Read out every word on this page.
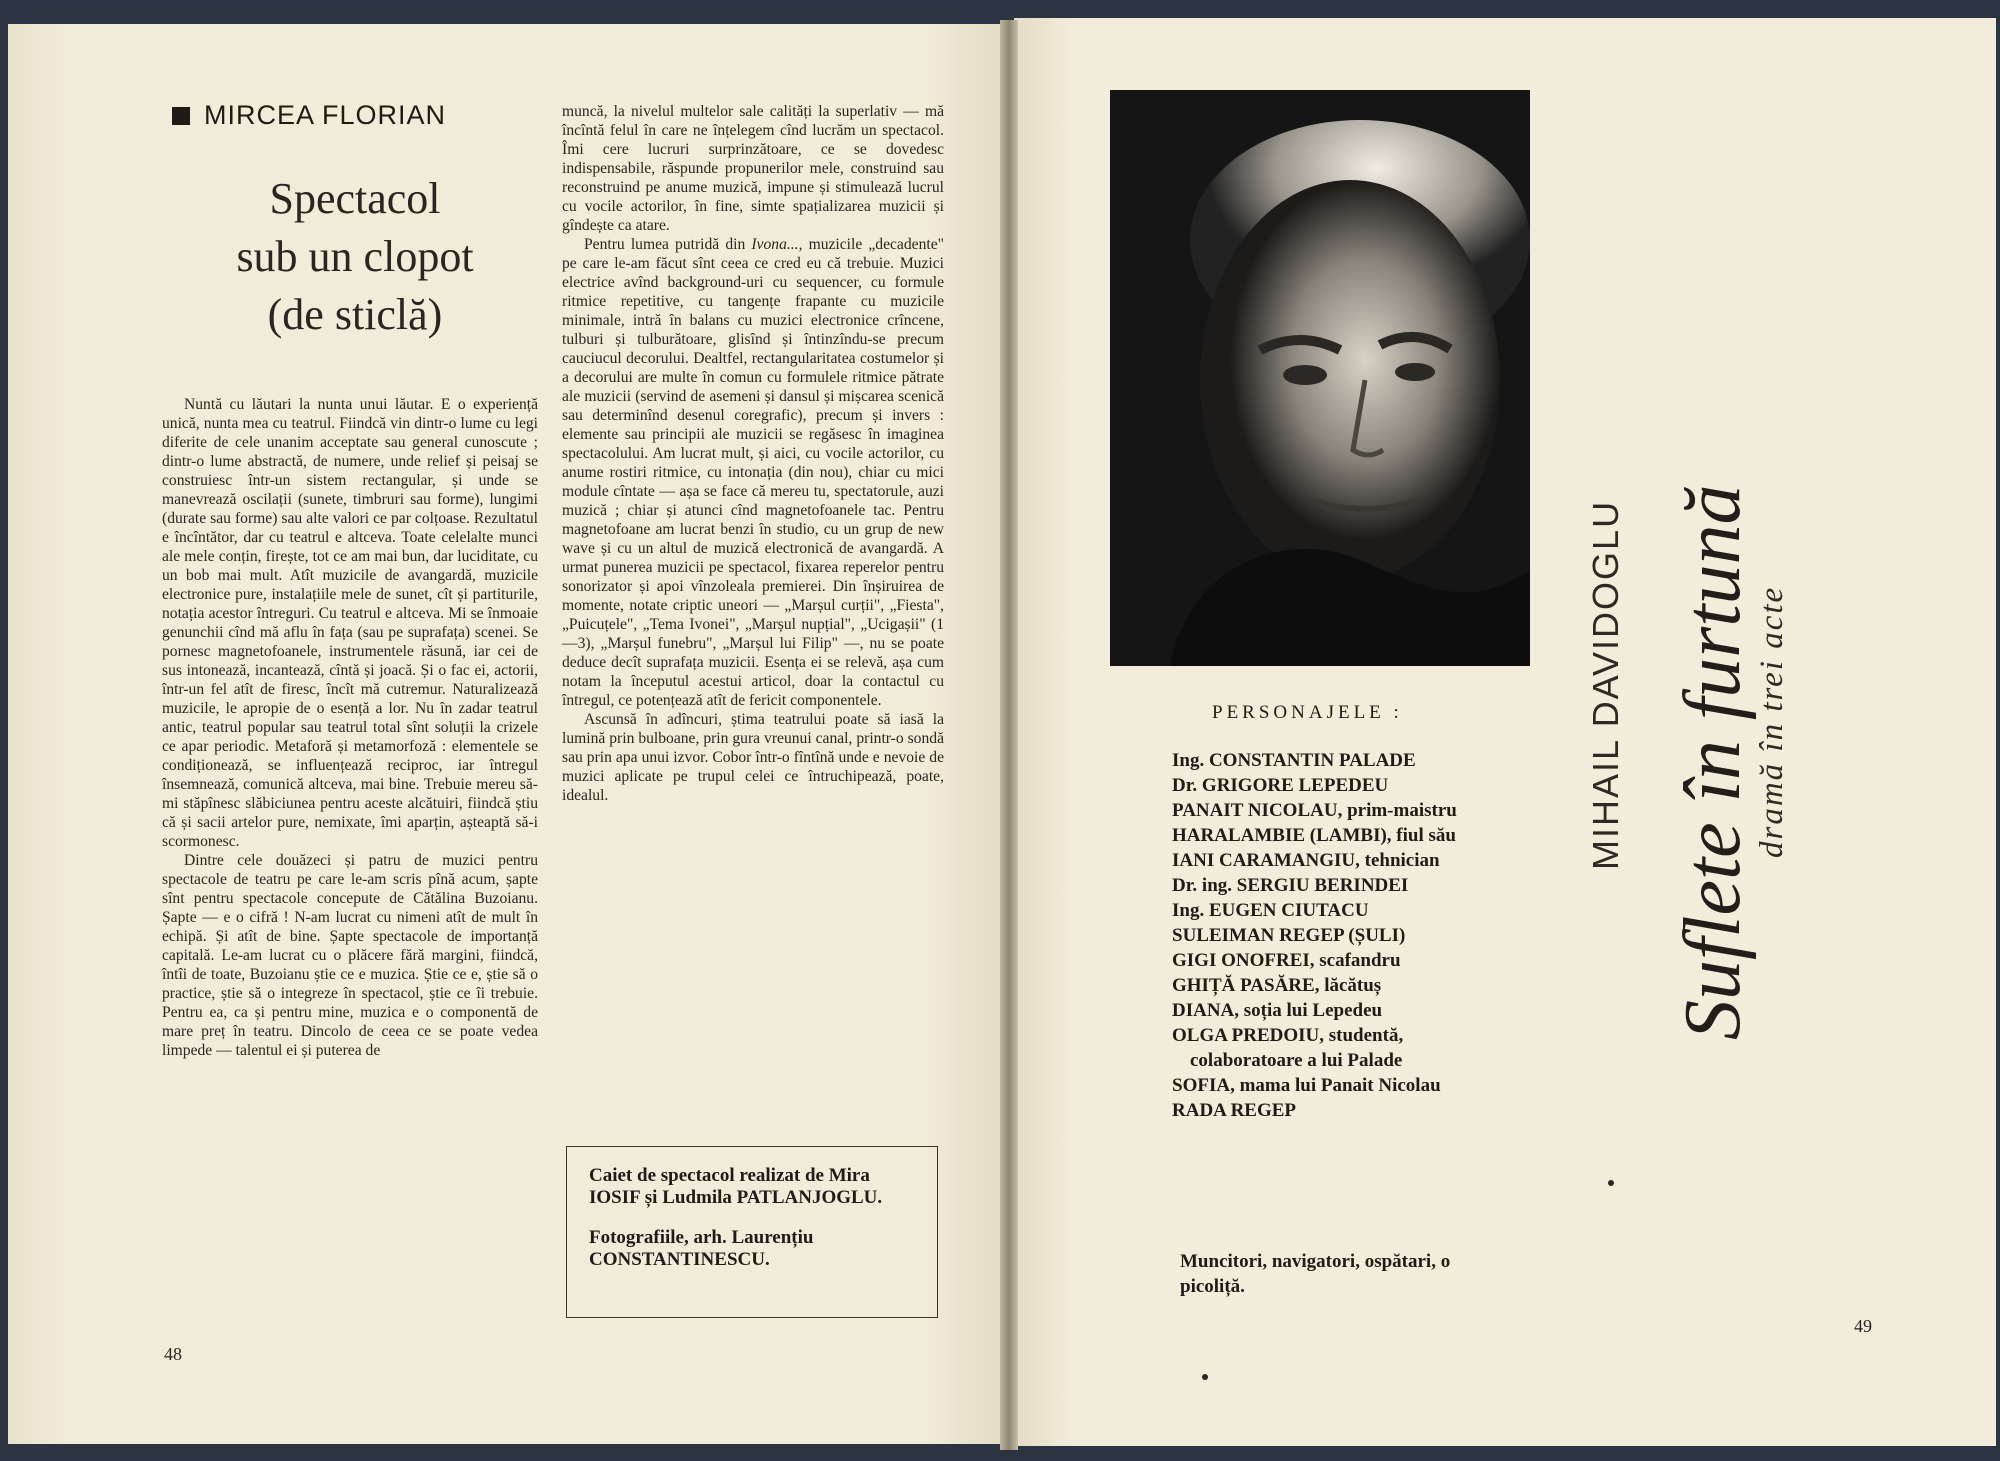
MIRCEA FLORIAN
Spectacol
sub un clopot
(de sticlă)
Nuntă cu lăutari la nunta unui lăutar. E o experiență unică, nunta mea cu teatrul. Fiindcă vin dintr-o lume cu legi diferite de cele unanim acceptate sau general cunoscute ; dintr-o lume abstractă, de numere, unde relief și peisaj se construiesc într-un sistem rectangular, și unde se manevrează oscilații (sunete, timbruri sau forme), lungimi (durate sau forme) sau alte valori ce par colțoase. Rezultatul e încîntător, dar cu teatrul e altceva. Toate celelalte munci ale mele conțin, firește, tot ce am mai bun, dar luciditate, cu un bob mai mult. Atît muzicile de avangardă, muzicile electronice pure, instalațiile mele de sunet, cît și partiturile, notația acestor întreguri. Cu teatrul e altceva. Mi se înmoaie genunchii cînd mă aflu în fața (sau pe suprafața) scenei. Se pornesc magnetofoanele, instrumentele răsună, iar cei de sus intonează, incantează, cîntă și joacă. Și o fac ei, actorii, într-un fel atît de firesc, încît mă cutremur. Naturalizează muzicile, le apropie de o esență a lor. Nu în zadar teatrul antic, teatrul popular sau teatrul total sînt soluții la crizele ce apar periodic. Metaforă și metamorfoză : elementele se condiționează, se influențează reciproc, iar întregul însemnează, comunică altceva, mai bine. Trebuie mereu să-mi stăpînesc slăbiciunea pentru aceste alcătuiri, fiindcă știu că și sacii artelor pure, nemixate, îmi aparțin, așteaptă să-i scormonesc.
Dintre cele douăzeci și patru de muzici pentru spectacole de teatru pe care le-am scris pînă acum, șapte sînt pentru spectacole concepute de Cătălina Buzoianu. Șapte — e o cifră ! N-am lucrat cu nimeni atît de mult în echipă. Și atît de bine. Șapte spectacole de importanță capitală. Le-am lucrat cu o plăcere fără margini, fiindcă, întîi de toate, Buzoianu știe ce e muzica. Știe ce e, știe să o practice, știe să o integreze în spectacol, știe ce îi trebuie. Pentru ea, ca și pentru mine, muzica e o componentă de mare preț în teatru. Dincolo de ceea ce se poate vedea limpede — talentul ei și puterea de
muncă, la nivelul multelor sale calități la superlativ — mă încîntă felul în care ne înțelegem cînd lucrăm un spectacol. Îmi cere lucruri surprinzătoare, ce se dovedesc indispensabile, răspunde propunerilor mele, construind sau reconstruind pe anume muzică, impune și stimulează lucrul cu vocile actorilor, în fine, simte spațializarea muzicii și gîndește ca atare.
Pentru lumea putridă din Ivona..., muzicile „decadente" pe care le-am făcut sînt ceea ce cred eu că trebuie. Muzici electrice avînd background-uri cu sequencer, cu formule ritmice repetitive, cu tangențe frapante cu muzicile minimale, intră în balans cu muzici electronice crîncene, tulburi și tulburătoare, glisînd și întinzîndu-se precum cauciucul decorului. Dealtfel, rectangularitatea costumelor și a decorului are multe în comun cu formulele ritmice pătrate ale muzicii (servind de asemeni și dansul și mișcarea scenică sau determinînd desenul coregrafic), precum și invers : elemente sau principii ale muzicii se regăsesc în imaginea spectacolului. Am lucrat mult, și aici, cu vocile actorilor, cu anume rostiri ritmice, cu intonația (din nou), chiar cu mici module cîntate — așa se face că mereu tu, spectatorule, auzi muzică ; chiar și atunci cînd magnetofoanele tac. Pentru magnetofoane am lucrat benzi în studio, cu un grup de new wave și cu un altul de muzică electronică de avangardă. A urmat punerea muzicii pe spectacol, fixarea reperelor pentru sonorizator și apoi vînzoleala premierei. Din înșiruirea de momente, notate criptic uneori — „Marșul curții", „Fiesta", „Puicuțele", „Tema Ivonei", „Marșul nupțial", „Ucigașii" (1—3), „Marșul funebru", „Marșul lui Filip" —, nu se poate deduce decît suprafața muzicii. Esența ei se relevă, așa cum notam la începutul acestui articol, doar la contactul cu întregul, ce potențează atît de fericit componentele.
Ascunsă în adîncuri, știma teatrului poate să iasă la lumină prin bulboane, prin gura vreunui canal, printr-o sondă sau prin apa unui izvor. Cobor într-o fîntînă unde e nevoie de muzici aplicate pe trupul celei ce întruchipează, poate, idealul.
Caiet de spectacol realizat de Mira IOSIF și Ludmila PATLANJOGLU.
Fotografiile, arh. Laurențiu CONSTANTINESCU.
48
PERSONAJELE :
Ing. CONSTANTIN PALADE
Dr. GRIGORE LEPEDEU
PANAIT NICOLAU, prim-maistru
HARALAMBIE (LAMBI), fiul său
IANI CARAMANGIU, tehnician
Dr. ing. SERGIU BERINDEI
Ing. EUGEN CIUTACU
SULEIMAN REGEP (ȘULI)
GIGI ONOFREI, scafandru
GHIȚĂ PASĂRE, lăcătuș
DIANA, soția lui Lepedeu
OLGA PREDOIU, studentă, colaboratoare a lui Palade
SOFIA, mama lui Panait Nicolau
RADA REGEP
Muncitori, navigatori, ospătari, o picoliță.
MIHAIL DAVIDOGLU Suflete în furtună
dramă în trei acte
49
